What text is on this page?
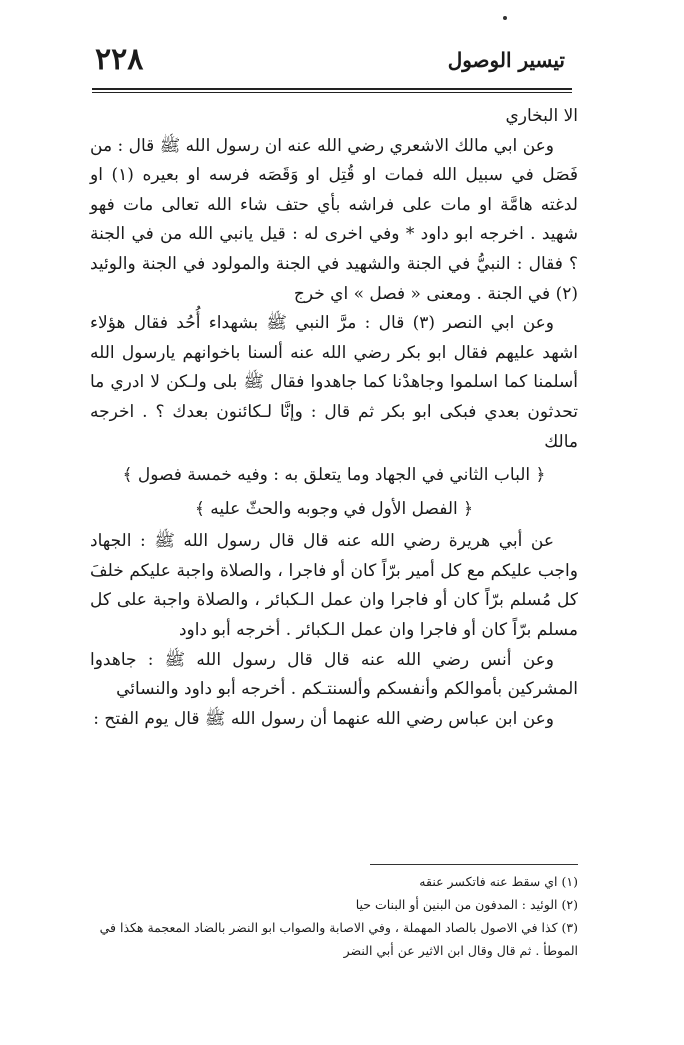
٢٢٨	تيسير الوصول

الا البخاري

وعن ابي مالك الاشعري رضي الله عنه ان رسول الله ﷺ قال : من فَصَل في سبيل الله فمات او قُتِل او وَقَصَه فرسه او بعيره (١) او لدغته هامَّة او مات على فراشه بأي حتف شاء الله تعالى مات فهو شهيد . اخرجه ابو داود * وفي اخرى له : قيل يانبي الله من في الجنة ؟ فقال : النبيُّ في الجنة والشهيد في الجنة والمولود في الجنة والوئيد (٢) في الجنة . ومعنى « فصل » اي خرج

وعن ابي النصر (٣) قال : مرَّ النبي ﷺ بشهداء أُحُد فقال هؤلاء اشهد عليهم فقال ابو بكر رضي الله عنه ألسنا باخوانهم يارسول الله أسلمنا كما اسلموا وجاهدْنا كما جاهدوا فقال ﷺ بلى ولـكن لا ادري ما تحدثون بعدي فبكى ابو بكر ثم قال : وإنَّا لـكائنون بعدك ؟ . اخرجه مالك

﴿ الباب الثاني في الجهاد وما يتعلق به : وفيه خمسة فصول ﴾
﴿ الفصل الأول في وجوبه والحثّ عليه ﴾

عن أبي هريرة رضي الله عنه قال قال رسول الله ﷺ : الجهاد واجب عليكم مع كل أمير برّاً كان أو فاجرا ، والصلاة واجبة عليكم خلفَ كل مُسلم برّاً كان أو فاجرا وان عمل الـكبائر ، والصلاة واجبة على كل مسلم برّاً كان أو فاجرا وان عمل الـكبائر . أخرجه أبو داود

وعن أنس رضي الله عنه قال قال رسول الله ﷺ : جاهدوا المشركين بأموالكم وأنفسكم وألسنتـكم . أخرجه أبو داود والنسائي

وعن ابن عباس رضي الله عنهما أن رسول الله ﷺ قال يوم الفتح :

(١) اي سقط عنه فاتكسر عنقه

(٢) الوئيد : المدفون من البنين أو البنات حيا

(٣) كذا في الاصول بالصاد المهملة ، وفي الاصابة والصواب ابو النضر بالضاد المعجمة هكذا في الموطأ . ثم قال وقال ابن الاثير عن أبي النضر
